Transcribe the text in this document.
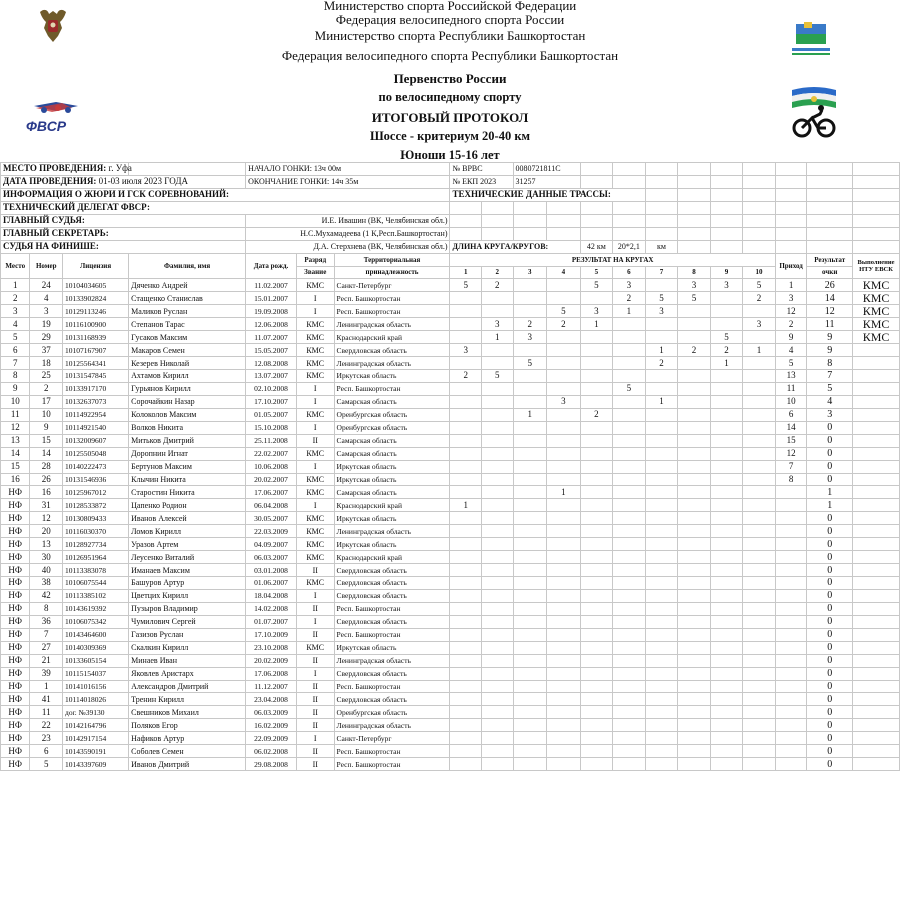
ФВСР
Министерство спорта Российской Федерации
Федерация велосипедного спорта России
Министерство спорта Республики Башкортостан
Федерация велосипедного спорта Республики Башкортостан
Первенство России
по велосипедному спорту
ИТОГОВЫЙ ПРОТОКОЛ
Шоссе - критериум 20-40 км
Юноши 15-16 лет
МЕСТО ПРОВЕДЕНИЯ: г. Уфа				НАЧАЛО ГОНКИ: 13ч 00м			№ ВРВС		0080721811С										
ДАТА ПРОВЕДЕНИЯ: 01-03 июля 2023 ГОДА				ОКОНЧАНИЕ ГОНКИ: 14ч 35м			№ ЕКП 2023		31257										
ИНФОРМАЦИЯ О ЖЮРИ И ГСК СОРЕВНОВАНИЙ:							ТЕХНИЧЕСКИЕ ДАННЫЕ ТРАССЫ:												
ТЕХНИЧЕСКИЙ ДЕЛЕГАТ ФВСР:																			
ГЛАВНЫЙ СУДЬЯ:				И.Е. Ивашин (ВК, Челябинская обл.)															
ГЛАВНЫЙ СЕКРЕТАРЬ:				Н.С.Мухамадеева (1 К,Респ.Башкортостан)															
СУДЬЯ НА ФИНИШЕ:				Д.А. Стерхнева (ВК, Челябинская обл.)			ДЛИНА КРУГА/КРУГОВ:				42 км	20*2,1	км						
Место	Номер	Лицензия	Фамилия, имя	Дата рожд.	Разряд	Территориальная	РЕЗУЛЬТАТ НА КРУГАХ										Приход	Результат	Выполнение НТУ ЕВСК
					Звание	принадлежность	1	2	3	4	5	6	7	8	9	10		очки	
1	24	10104034605	Дяченко Андрей	11.02.2007	КМС	Санкт-Петербург	5	2			5	3		3	3	5	1	26	КМС
2	4	10133902824	Стащенко Станислав	15.01.2007	I	Респ. Башкортостан						2	5	5		2	3	14	КМС
3	3	10129113246	Маликов Руслан	19.09.2008	I	Респ. Башкортостан				5	3	1	3				12	12	КМС
4	19	10116100900	Степанов Тарас	12.06.2008	КМС	Ленинградская область		3	2	2	1					3	2	11	КМС
5	29	10131168939	Гусаков Максим	11.07.2007	КМС	Краснодарский край		1	3						5		9	9	КМС
6	37	10107167907	Макаров Семен	15.05.2007	КМС	Свердловская область	3						1	2	2	1	4	9	
7	18	10125564341	Кезерев Николай	12.08.2008	КМС	Ленинградская область			5				2		1		5	8	
8	25	10131547845	Ахтамов Кирилл	13.07.2007	КМС	Иркутская область	2	5									13	7	
9	2	10133917170	Гурьянов Кирилл	02.10.2008	I	Респ. Башкортостан						5					11	5	
10	17	10132637073	Сорочайкин Назар	17.10.2007	I	Самарская область				3			1				10	4	
11	10	10114922954	Колоколов Максим	01.05.2007	КМС	Оренбургская область			1		2						6	3	
12	9	10114921540	Волков Никита	15.10.2008	I	Оренбургская область											14	0	
13	15	10132009607	Митьков Дмитрий	25.11.2008	II	Самарская область											15	0	
14	14	10125505048	Доропнин Игнат	22.02.2007	КМС	Самарская область											12	0	
15	28	10140222473	Бертунов Максим	10.06.2008	I	Иркутская область											7	0	
16	26	10131546936	Клычин Никита	20.02.2007	КМС	Иркутская область											8	0	
НФ	16	10125967012	Старостин Никита	17.06.2007	КМС	Самарская область				1								1	
НФ	31	10128533872	Цапенко Родион	06.04.2008	I	Краснодарский край	1											1	
НФ	12	10130809433	Иванов Алексей	30.05.2007	КМС	Иркутская область												0	
НФ	20	10116030370	Ломов Кирилл	22.03.2009	КМС	Ленинградская область												0	
НФ	13	10128927734	Уразов Артем	04.09.2007	КМС	Иркутская область												0	
НФ	30	10126951964	Леусенко Виталий	06.03.2007	КМС	Краснодарский край												0	
НФ	40	10113383078	Иманаев Максим	03.01.2008	II	Свердловская область												0	
НФ	38	10106075544	Башуров Артур	01.06.2007	КМС	Свердловская область												0	
НФ	42	10113385102	Цветцих Кирилл	18.04.2008	I	Свердловская область												0	
НФ	8	10143619392	Пузыров Владимир	14.02.2008	II	Респ. Башкортостан												0	
НФ	36	10106075342	Чумилович Сергей	01.07.2007	I	Свердловская область												0	
НФ	7	10143464600	Газизов Руслан	17.10.2009	II	Респ. Башкортостан												0	
НФ	27	10140309369	Скалкин Кирилл	23.10.2008	КМС	Иркутская область												0	
НФ	21	10133605154	Минаев Иван	20.02.2009	II	Ленинградская область												0	
НФ	39	10115154037	Яковлев Аристарх	17.06.2008	I	Свердловская область												0	
НФ	1	10141016156	Александров Дмитрий	11.12.2007	II	Респ. Башкортостан												0	
НФ	41	10114018026	Тренин Кирилл	23.04.2008	II	Свердловская область												0	
НФ	11	дог. №39130	Свешников Михаил	06.03.2009	II	Оренбургская область												0	
НФ	22	10142164796	Поляков Егор	16.02.2009	II	Ленинградская область												0	
НФ	23	10142917154	Нафиков Артур	22.09.2009	I	Санкт-Петербург												0	
НФ	6	10143590191	Соболев Семен	06.02.2008	II	Респ. Башкортостан												0	
НФ	5	10143397609	Иванов Дмитрий	29.08.2008	II	Респ. Башкортостан												0	
